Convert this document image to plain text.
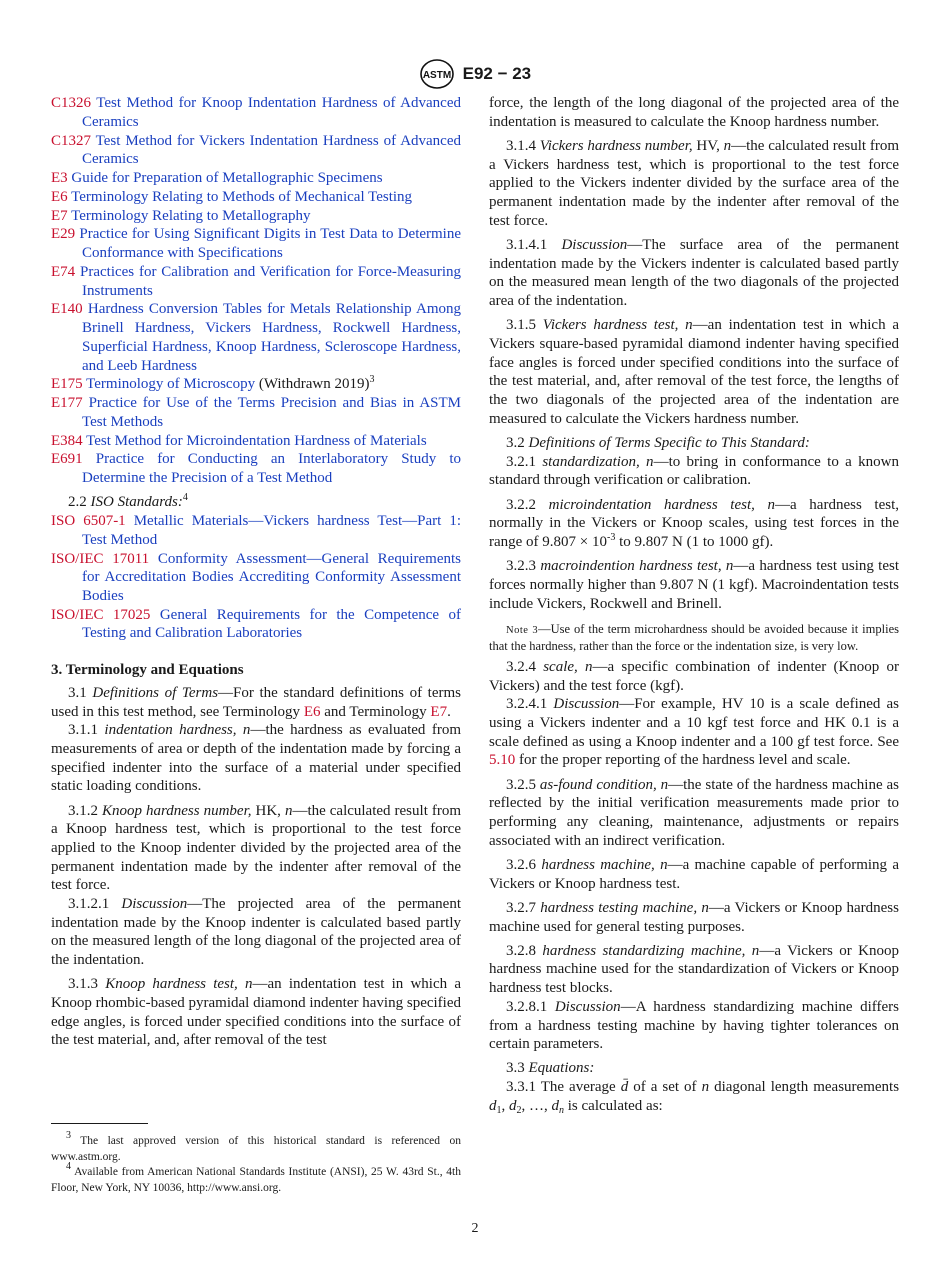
ASTM E92 − 23

C1326 Test Method for Knoop Indentation Hardness of Advanced Ceramics

C1327 Test Method for Vickers Indentation Hardness of Advanced Ceramics

E3 Guide for Preparation of Metallographic Specimens

E6 Terminology Relating to Methods of Mechanical Testing

E7 Terminology Relating to Metallography

E29 Practice for Using Significant Digits in Test Data to Determine Conformance with Specifications

E74 Practices for Calibration and Verification for Force-Measuring Instruments

E140 Hardness Conversion Tables for Metals Relationship Among Brinell Hardness, Vickers Hardness, Rockwell Hardness, Superficial Hardness, Knoop Hardness, Scleroscope Hardness, and Leeb Hardness

E175 Terminology of Microscopy (Withdrawn 2019)$^3$

E177 Practice for Use of the Terms Precision and Bias in ASTM Test Methods

E384 Test Method for Microindentation Hardness of Materials

E691 Practice for Conducting an Interlaboratory Study to Determine the Precision of a Test Method

2.2 ISO Standards:$^4$

ISO 6507-1 Metallic Materials—Vickers hardness Test—Part 1: Test Method

ISO/IEC 17011 Conformity Assessment—General Requirements for Accreditation Bodies Accrediting Conformity Assessment Bodies

ISO/IEC 17025 General Requirements for the Competence of Testing and Calibration Laboratories

3. Terminology and Equations

3.1 Definitions of Terms—For the standard definitions of terms used in this test method, see Terminology E6 and Terminology E7.

3.1.1 indentation hardness, n—the hardness as evaluated from measurements of area or depth of the indentation made by forcing a specified indenter into the surface of a material under specified static loading conditions.

3.1.2 Knoop hardness number, HK, n—the calculated result from a Knoop hardness test, which is proportional to the test force applied to the Knoop indenter divided by the projected area of the permanent indentation made by the indenter after removal of the test force.

3.1.2.1 Discussion—The projected area of the permanent indentation made by the Knoop indenter is calculated based partly on the measured length of the long diagonal of the projected area of the indentation.

3.1.3 Knoop hardness test, n—an indentation test in which a Knoop rhombic-based pyramidal diamond indenter having specified edge angles, is forced under specified conditions into the surface of the test material, and, after removal of the test

$^3$ The last approved version of this historical standard is referenced on www.astm.org.

$^4$ Available from American National Standards Institute (ANSI), 25 W. 43rd St., 4th Floor, New York, NY 10036, http://www.ansi.org.

force, the length of the long diagonal of the projected area of the indentation is measured to calculate the Knoop hardness number.

3.1.4 Vickers hardness number, HV, n—the calculated result from a Vickers hardness test, which is proportional to the test force applied to the Vickers indenter divided by the surface area of the permanent indentation made by the indenter after removal of the test force.

3.1.4.1 Discussion—The surface area of the permanent indentation made by the Vickers indenter is calculated based partly on the measured mean length of the two diagonals of the projected area of the indentation.

3.1.5 Vickers hardness test, n—an indentation test in which a Vickers square-based pyramidal diamond indenter having specified face angles is forced under specified conditions into the surface of the test material, and, after removal of the test force, the lengths of the two diagonals of the projected area of the indentation are measured to calculate the Vickers hardness number.

3.2 Definitions of Terms Specific to This Standard:

3.2.1 standardization, n—to bring in conformance to a known standard through verification or calibration.

3.2.2 microindentation hardness test, n—a hardness test, normally in the Vickers or Knoop scales, using test forces in the range of $9.807 \times 10^{-3}$ to 9.807 N (1 to 1000 gf).

3.2.3 macroindention hardness test, n—a hardness test using test forces normally higher than 9.807 N (1 kgf). Macroindentation tests include Vickers, Rockwell and Brinell.

Note 3—Use of the term microhardness should be avoided because it implies that the hardness, rather than the force or the indentation size, is very low.

3.2.4 scale, n—a specific combination of indenter (Knoop or Vickers) and the test force (kgf).

3.2.4.1 Discussion—For example, HV 10 is a scale defined as using a Vickers indenter and a 10 kgf test force and HK 0.1 is a scale defined as using a Knoop indenter and a 100 gf test force. See 5.10 for the proper reporting of the hardness level and scale.

3.2.5 as-found condition, n—the state of the hardness machine as reflected by the initial verification measurements made prior to performing any cleaning, maintenance, adjustments or repairs associated with an indirect verification.

3.2.6 hardness machine, n—a machine capable of performing a Vickers or Knoop hardness test.

3.2.7 hardness testing machine, n—a Vickers or Knoop hardness machine used for general testing purposes.

3.2.8 hardness standardizing machine, n—a Vickers or Knoop hardness machine used for the standardization of Vickers or Knoop hardness test blocks.

3.2.8.1 Discussion—A hardness standardizing machine differs from a hardness testing machine by having tighter tolerances on certain parameters.

3.3 Equations:

3.3.1 The average d̄ of a set of n diagonal length measurements $d_1$, $d_2$, …, $d_n$ is calculated as:

2
